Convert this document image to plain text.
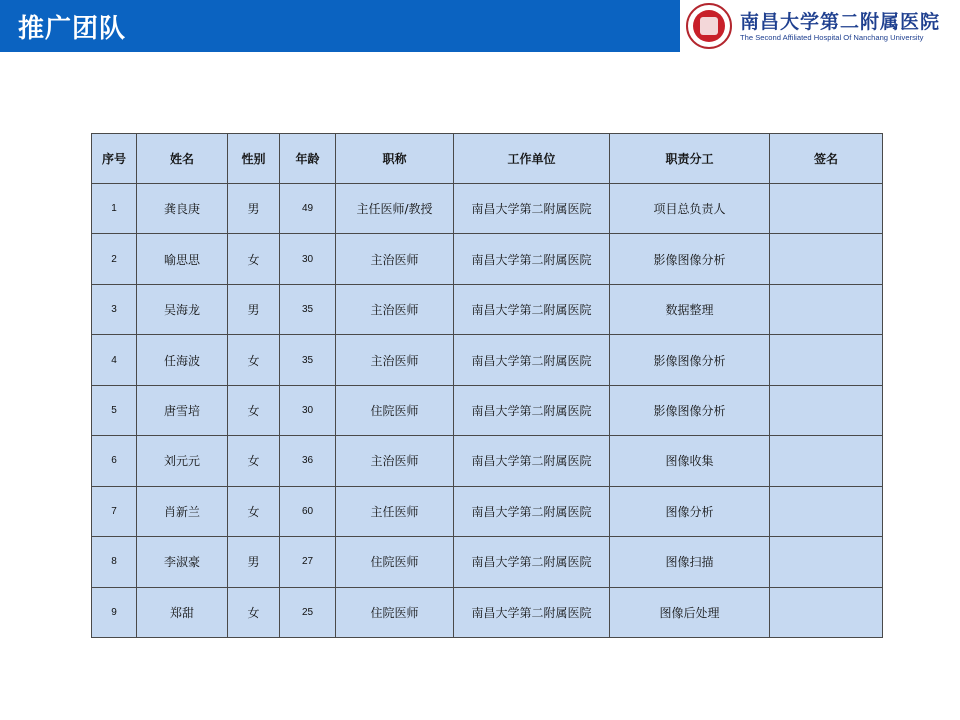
推广团队	南昌大学第二附属医院
The Second Affiliated Hospital Of Nanchang University
序号	姓名	性别	年龄	职称	工作单位	职责分工	签名
1	龚良庚	男	49	主任医师/教授	南昌大学第二附属医院	项目总负责人	
2	喻思思	女	30	主治医师	南昌大学第二附属医院	影像图像分析	
3	吴海龙	男	35	主治医师	南昌大学第二附属医院	数据整理	
4	任海波	女	35	主治医师	南昌大学第二附属医院	影像图像分析	
5	唐雪培	女	30	住院医师	南昌大学第二附属医院	影像图像分析	
6	刘元元	女	36	主治医师	南昌大学第二附属医院	图像收集	
7	肖新兰	女	60	主任医师	南昌大学第二附属医院	图像分析	
8	李淑豪	男	27	住院医师	南昌大学第二附属医院	图像扫描	
9	郑甜	女	25	住院医师	南昌大学第二附属医院	图像后处理	
